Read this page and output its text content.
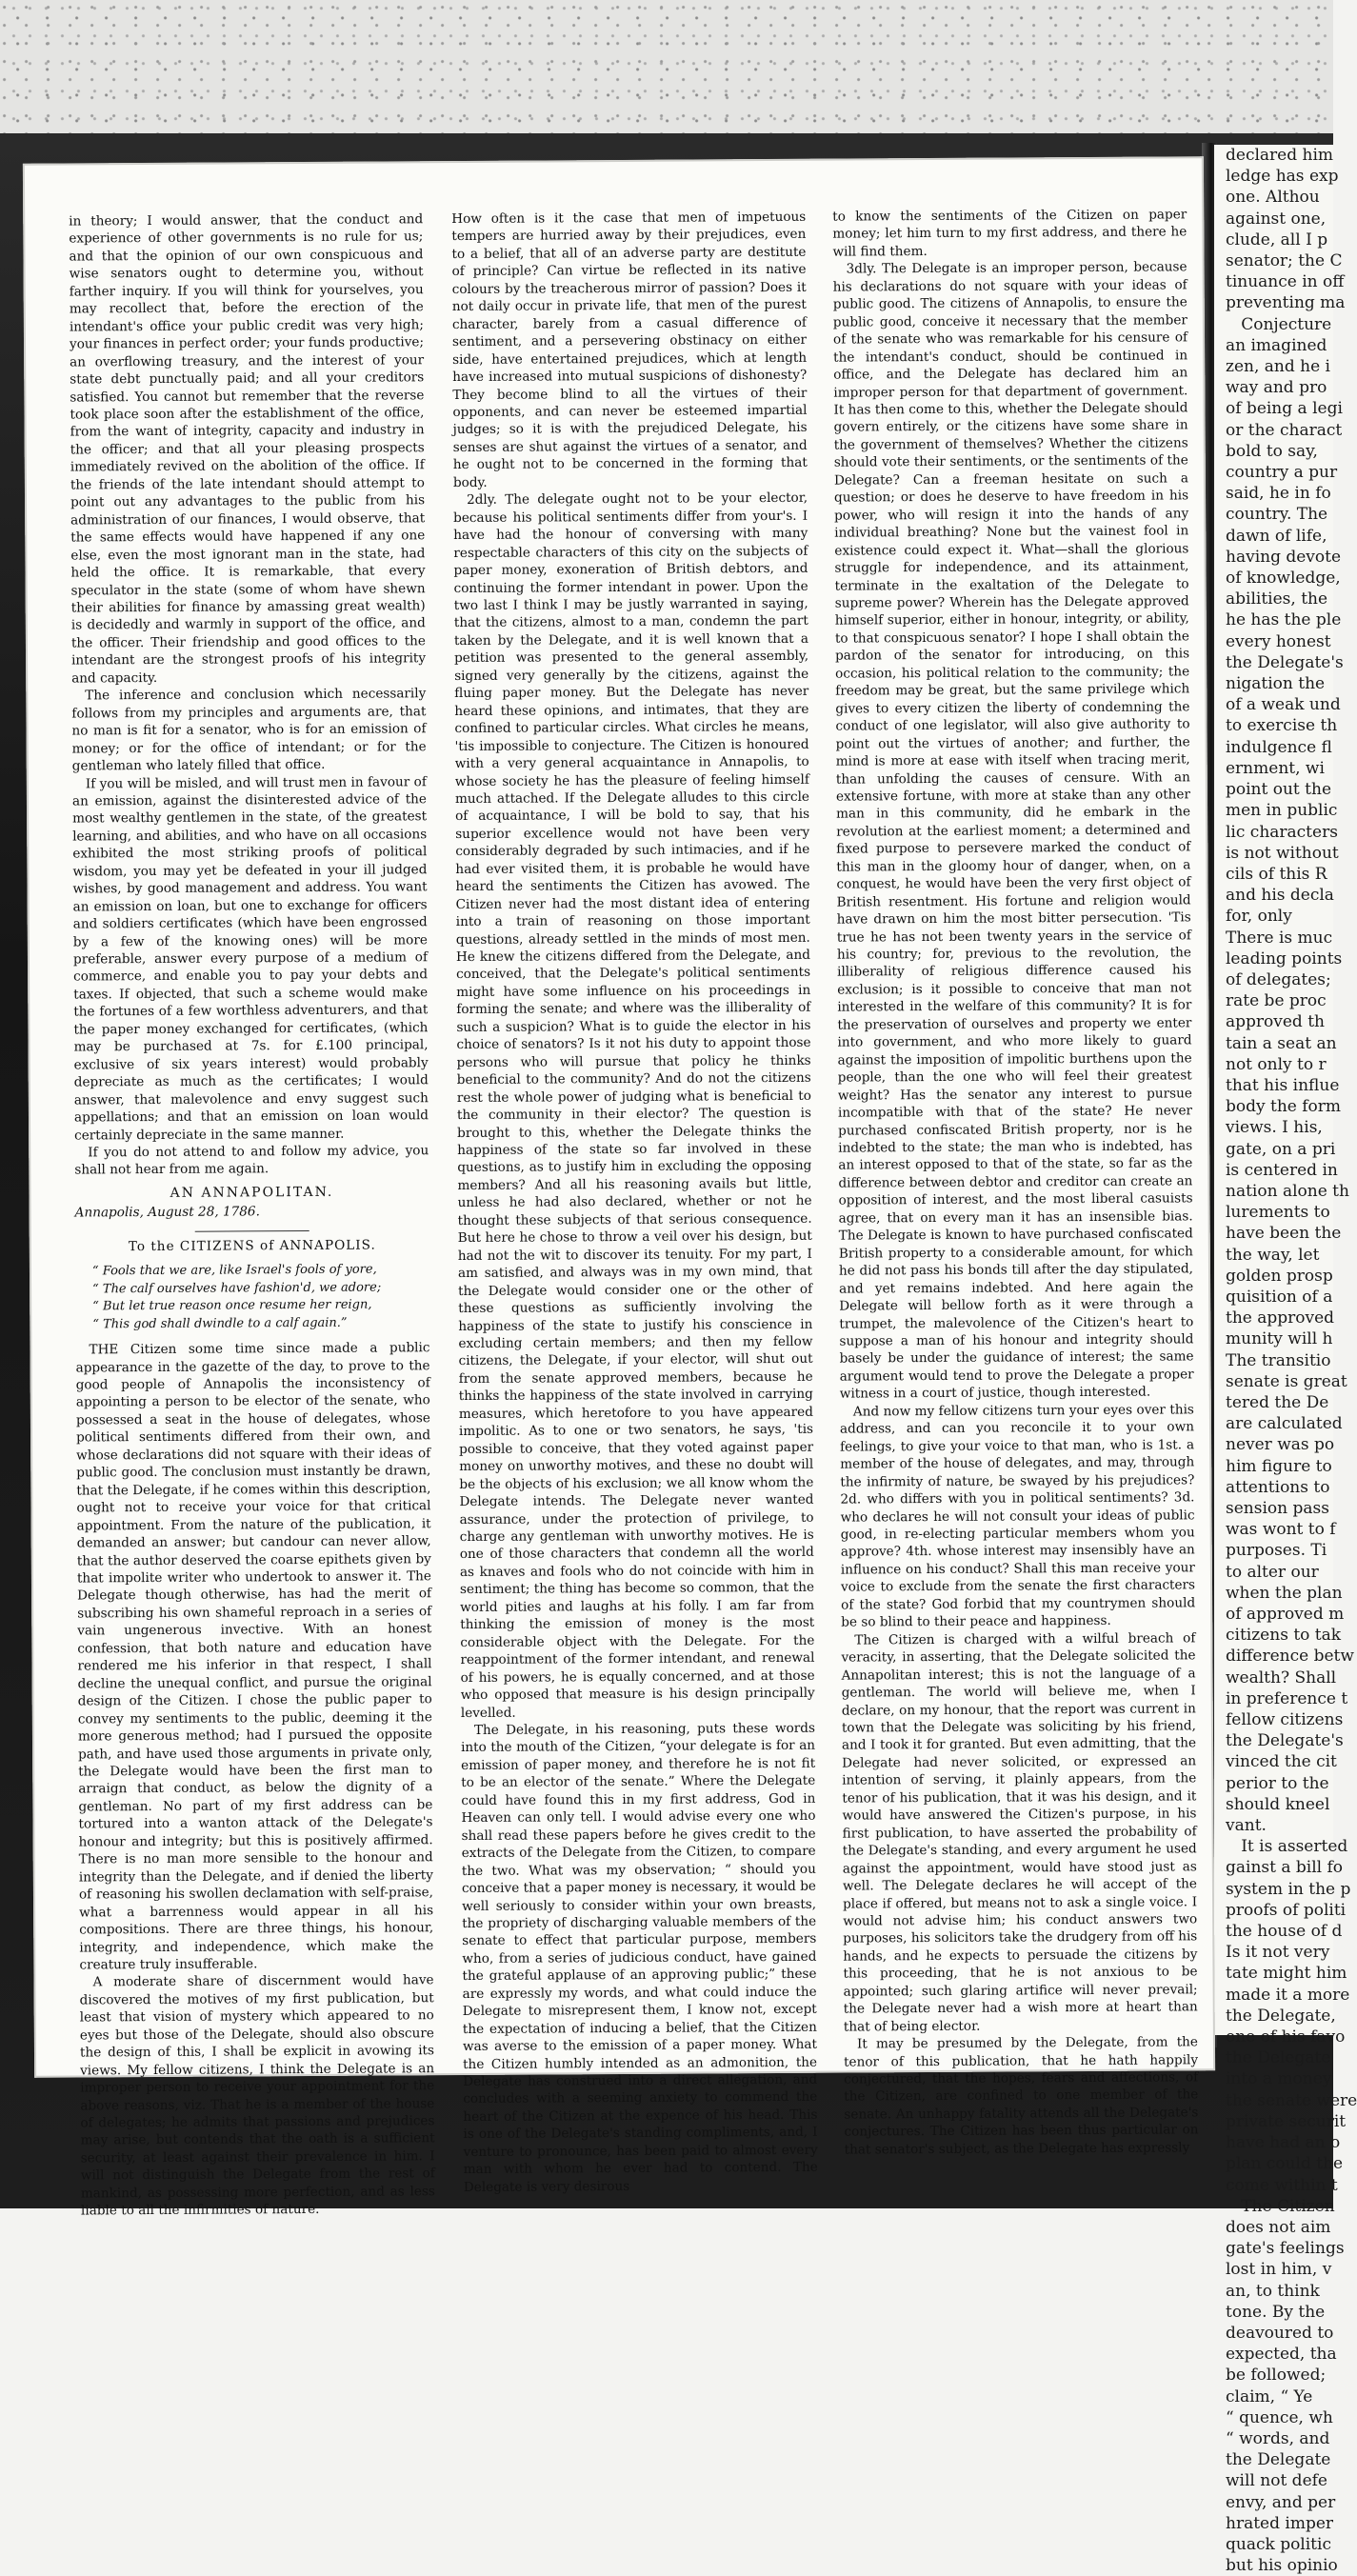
declared him
ledge has exp
one. Althou
against one,
clude, all I p
senator; the C
tinuance in off
preventing ma
Conjecture
an imagined
zen, and he i
way and pro
of being a legi
or the charact
bold to say,
country a pur
said, he in fo
country. The
dawn of life,
having devote
of knowledge,
abilities, the
he has the ple
every honest
the Delegate's
nigation the
of a weak und
to exercise th
indulgence fl
ernment, wi
point out the
men in public
lic characters
is not without
cils of this R
and his decla
for, only
There is muc
leading points
of delegates;
rate be proc
approved th
tain a seat an
not only to r
that his influe
body the form
views. I his,
gate, on a pri
is centered in
nation alone th
lurements to
have been the
the way, let
golden prosp
quisition of a
the approved
munity will h
The transitio
senate is great
tered the De
are calculated
never was po
him figure to
attentions to
sension pass
was wont to f
purposes. Ti
to alter our
when the plan
of approved m
citizens to tak
difference betw
wealth? Shall
in preference t
fellow citizens
the Delegate's
vinced the cit
perior to the
should kneel
vant.
It is asserted
gainst a bill fo
system in the p
proofs of politi
the house of d
Is it not very
tate might him
made it a more
the Delegate,
one of his favo
the Delegate
into a money
the senate were
private securit
have had an o
plan could the
come within t
The Citizen
does not aim
gate's feelings
lost in him, v
an, to think
tone. By the
deavoured to
expected, tha
be followed;
claim, “ Ye
“ quence, wh
“ words, and
the Delegate
will not defe
envy, and per
hrated imper
quack politic
but his opinio

in theory; I would answer, that the conduct and experience of other governments is no rule for us; and that the opinion of our own conspicuous and wise senators ought to determine you, without farther inquiry. If you will think for yourselves, you may recollect that, before the erection of the intendant's office your public credit was very high; your finances in perfect order; your funds productive; an overflowing treasury, and the interest of your state debt punctually paid; and all your creditors satisfied. You cannot but remember that the reverse took place soon after the establishment of the office, from the want of integrity, capacity and industry in the officer; and that all your pleasing prospects immediately revived on the abolition of the office. If the friends of the late intendant should attempt to point out any advantages to the public from his administration of our finances, I would observe, that the same effects would have happened if any one else, even the most ignorant man in the state, had held the office. It is remarkable, that every speculator in the state (some of whom have shewn their abilities for finance by amassing great wealth) is decidedly and warmly in support of the office, and the officer. Their friendship and good offices to the intendant are the strongest proofs of his integrity and capacity.

The inference and conclusion which necessarily follows from my principles and arguments are, that no man is fit for a senator, who is for an emission of money; or for the office of intendant; or for the gentleman who lately filled that office.

If you will be misled, and will trust men in favour of an emission, against the disinterested advice of the most wealthy gentlemen in the state, of the greatest learning, and abilities, and who have on all occasions exhibited the most striking proofs of political wisdom, you may yet be defeated in your ill judged wishes, by good management and address. You want an emission on loan, but one to exchange for officers and soldiers certificates (which have been engrossed by a few of the knowing ones) will be more preferable, answer every purpose of a medium of commerce, and enable you to pay your debts and taxes. If objected, that such a scheme would make the fortunes of a few worthless adventurers, and that the paper money exchanged for certificates, (which may be purchased at 7s. for £.100 principal, exclusive of six years interest) would probably depreciate as much as the certificates; I would answer, that malevolence and envy suggest such appellations; and that an emission on loan would certainly depreciate in the same manner.

If you do not attend to and follow my advice, you shall not hear from me again.

AN ANNAPOLITAN.

Annapolis, August 28, 1786.

To the CITIZENS of ANNAPOLIS.

“ Fools that we are, like Israel's fools of yore,

“ The calf ourselves have fashion'd, we adore;

“ But let true reason once resume her reign,

“ This god shall dwindle to a calf again.”

THE Citizen some time since made a public appearance in the gazette of the day, to prove to the good people of Annapolis the inconsistency of appointing a person to be elector of the senate, who possessed a seat in the house of delegates, whose political sentiments differed from their own, and whose declarations did not square with their ideas of public good. The conclusion must instantly be drawn, that the Delegate, if he comes within this description, ought not to receive your voice for that critical appointment. From the nature of the publication, it demanded an answer; but candour can never allow, that the author deserved the coarse epithets given by that impolite writer who undertook to answer it. The Delegate though otherwise, has had the merit of subscribing his own shameful reproach in a series of vain ungenerous invective. With an honest confession, that both nature and education have rendered me his inferior in that respect, I shall decline the unequal conflict, and pursue the original design of the Citizen. I chose the public paper to convey my sentiments to the public, deeming it the more generous method; had I pursued the opposite path, and have used those arguments in private only, the Delegate would have been the first man to arraign that conduct, as below the dignity of a gentleman. No part of my first address can be tortured into a wanton attack of the Delegate's honour and integrity; but this is positively affirmed. There is no man more sensible to the honour and integrity than the Delegate, and if denied the liberty of reasoning his swollen declamation with self-praise, what a barrenness would appear in all his compositions. There are three things, his honour, integrity, and independence, which make the creature truly insufferable.

A moderate share of discernment would have discovered the motives of my first publication, but least that vision of mystery which appeared to no eyes but those of the Delegate, should also obscure the design of this, I shall be explicit in avowing its views. My fellow citizens, I think the Delegate is an improper person to receive your appointment for the above reasons, viz. That he is a member of the house of delegates; he admits that passions and prejudices may arise, but contends that the oath is a sufficient security, at least against their prevalence in him. I will not distinguish the Delegate from the rest of mankind, as possessing more perfection, and as less liable to all the infirmities of nature.

How often is it the case that men of impetuous tempers are hurried away by their prejudices, even to a belief, that all of an adverse party are destitute of principle? Can virtue be reflected in its native colours by the treacherous mirror of passion? Does it not daily occur in private life, that men of the purest character, barely from a casual difference of sentiment, and a persevering obstinacy on either side, have entertained prejudices, which at length have increased into mutual suspicions of dishonesty? They become blind to all the virtues of their opponents, and can never be esteemed impartial judges; so it is with the prejudiced Delegate, his senses are shut against the virtues of a senator, and he ought not to be concerned in the forming that body.

2dly. The delegate ought not to be your elector, because his political sentiments differ from your's. I have had the honour of conversing with many respectable characters of this city on the subjects of paper money, exoneration of British debtors, and continuing the former intendant in power. Upon the two last I think I may be justly warranted in saying, that the citizens, almost to a man, condemn the part taken by the Delegate, and it is well known that a petition was presented to the general assembly, signed very generally by the citizens, against the fluing paper money. But the Delegate has never heard these opinions, and intimates, that they are confined to particular circles. What circles he means, 'tis impossible to conjecture. The Citizen is honoured with a very general acquaintance in Annapolis, to whose society he has the pleasure of feeling himself much attached. If the Delegate alludes to this circle of acquaintance, I will be bold to say, that his superior excellence would not have been very considerably degraded by such intimacies, and if he had ever visited them, it is probable he would have heard the sentiments the Citizen has avowed. The Citizen never had the most distant idea of entering into a train of reasoning on those important questions, already settled in the minds of most men. He knew the citizens differed from the Delegate, and conceived, that the Delegate's political sentiments might have some influence on his proceedings in forming the senate; and where was the illiberality of such a suspicion? What is to guide the elector in his choice of senators? Is it not his duty to appoint those persons who will pursue that policy he thinks beneficial to the community? And do not the citizens rest the whole power of judging what is beneficial to the community in their elector? The question is brought to this, whether the Delegate thinks the happiness of the state so far involved in these questions, as to justify him in excluding the opposing members? And all his reasoning avails but little, unless he had also declared, whether or not he thought these subjects of that serious consequence. But here he chose to throw a veil over his design, but had not the wit to discover its tenuity. For my part, I am satisfied, and always was in my own mind, that the Delegate would consider one or the other of these questions as sufficiently involving the happiness of the state to justify his conscience in excluding certain members; and then my fellow citizens, the Delegate, if your elector, will shut out from the senate approved members, because he thinks the happiness of the state involved in carrying measures, which heretofore to you have appeared impolitic. As to one or two senators, he says, 'tis possible to conceive, that they voted against paper money on unworthy motives, and these no doubt will be the objects of his exclusion; we all know whom the Delegate intends. The Delegate never wanted assurance, under the protection of privilege, to charge any gentleman with unworthy motives. He is one of those characters that condemn all the world as knaves and fools who do not coincide with him in sentiment; the thing has become so common, that the world pities and laughs at his folly. I am far from thinking the emission of money is the most considerable object with the Delegate. For the reappointment of the former intendant, and renewal of his powers, he is equally concerned, and at those who opposed that measure is his design principally levelled.

The Delegate, in his reasoning, puts these words into the mouth of the Citizen, “your delegate is for an emission of paper money, and therefore he is not fit to be an elector of the senate.” Where the Delegate could have found this in my first address, God in Heaven can only tell. I would advise every one who shall read these papers before he gives credit to the extracts of the Delegate from the Citizen, to compare the two. What was my observation; “ should you conceive that a paper money is necessary, it would be well seriously to consider within your own breasts, the propriety of discharging valuable members of the senate to effect that particular purpose, members who, from a series of judicious conduct, have gained the grateful applause of an approving public;” these are expressly my words, and what could induce the Delegate to misrepresent them, I know not, except the expectation of inducing a belief, that the Citizen was averse to the emission of a paper money. What the Citizen humbly intended as an admonition, the Delegate has construed into a direct allegation, and concludes with a seeming anxiety to commend the heart of the Citizen at the expence of his head. This is one of the Delegate's standing compliments, and, I venture to pronounce, has been paid to almost every man with whom he ever had to contend. The Delegate is very desirous

to know the sentiments of the Citizen on paper money; let him turn to my first address, and there he will find them.

3dly. The Delegate is an improper person, because his declarations do not square with your ideas of public good. The citizens of Annapolis, to ensure the public good, conceive it necessary that the member of the senate who was remarkable for his censure of the intendant's conduct, should be continued in office, and the Delegate has declared him an improper person for that department of government. It has then come to this, whether the Delegate should govern entirely, or the citizens have some share in the government of themselves? Whether the citizens should vote their sentiments, or the sentiments of the Delegate? Can a freeman hesitate on such a question; or does he deserve to have freedom in his power, who will resign it into the hands of any individual breathing? None but the vainest fool in existence could expect it. What—shall the glorious struggle for independence, and its attainment, terminate in the exaltation of the Delegate to supreme power? Wherein has the Delegate approved himself superior, either in honour, integrity, or ability, to that conspicuous senator? I hope I shall obtain the pardon of the senator for introducing, on this occasion, his political relation to the community; the freedom may be great, but the same privilege which gives to every citizen the liberty of condemning the conduct of one legislator, will also give authority to point out the virtues of another; and further, the mind is more at ease with itself when tracing merit, than unfolding the causes of censure. With an extensive fortune, with more at stake than any other man in this community, did he embark in the revolution at the earliest moment; a determined and fixed purpose to persevere marked the conduct of this man in the gloomy hour of danger, when, on a conquest, he would have been the very first object of British resentment. His fortune and religion would have drawn on him the most bitter persecution. 'Tis true he has not been twenty years in the service of his country; for, previous to the revolution, the illiberality of religious difference caused his exclusion; is it possible to conceive that man not interested in the welfare of this community? It is for the preservation of ourselves and property we enter into government, and who more likely to guard against the imposition of impolitic burthens upon the people, than the one who will feel their greatest weight? Has the senator any interest to pursue incompatible with that of the state? He never purchased confiscated British property, nor is he indebted to the state; the man who is indebted, has an interest opposed to that of the state, so far as the difference between debtor and creditor can create an opposition of interest, and the most liberal casuists agree, that on every man it has an insensible bias. The Delegate is known to have purchased confiscated British property to a considerable amount, for which he did not pass his bonds till after the day stipulated, and yet remains indebted. And here again the Delegate will bellow forth as it were through a trumpet, the malevolence of the Citizen's heart to suppose a man of his honour and integrity should basely be under the guidance of interest; the same argument would tend to prove the Delegate a proper witness in a court of justice, though interested.

And now my fellow citizens turn your eyes over this address, and can you reconcile it to your own feelings, to give your voice to that man, who is 1st. a member of the house of delegates, and may, through the infirmity of nature, be swayed by his prejudices? 2d. who differs with you in political sentiments? 3d. who declares he will not consult your ideas of public good, in re-electing particular members whom you approve? 4th. whose interest may insensibly have an influence on his conduct? Shall this man receive your voice to exclude from the senate the first characters of the state? God forbid that my countrymen should be so blind to their peace and happiness.

The Citizen is charged with a wilful breach of veracity, in asserting, that the Delegate solicited the Annapolitan interest; this is not the language of a gentleman. The world will believe me, when I declare, on my honour, that the report was current in town that the Delegate was soliciting by his friend, and I took it for granted. But even admitting, that the Delegate had never solicited, or expressed an intention of serving, it plainly appears, from the tenor of his publication, that it was his design, and it would have answered the Citizen's purpose, in his first publication, to have asserted the probability of the Delegate's standing, and every argument he used against the appointment, would have stood just as well. The Delegate declares he will accept of the place if offered, but means not to ask a single voice. I would not advise him; his conduct answers two purposes, his solicitors take the drudgery from off his hands, and he expects to persuade the citizens by this proceeding, that he is not anxious to be appointed; such glaring artifice will never prevail; the Delegate never had a wish more at heart than that of being elector.

It may be presumed by the Delegate, from the tenor of this publication, that he hath happily conjectured, that the hopes, fears and affections, of the Citizen, are confined to one member of the senate. An unhappy fatality attends all the Delegate's conjectures. The Citizen has been thus particular on that senator's subject, as the Delegate has expressly
